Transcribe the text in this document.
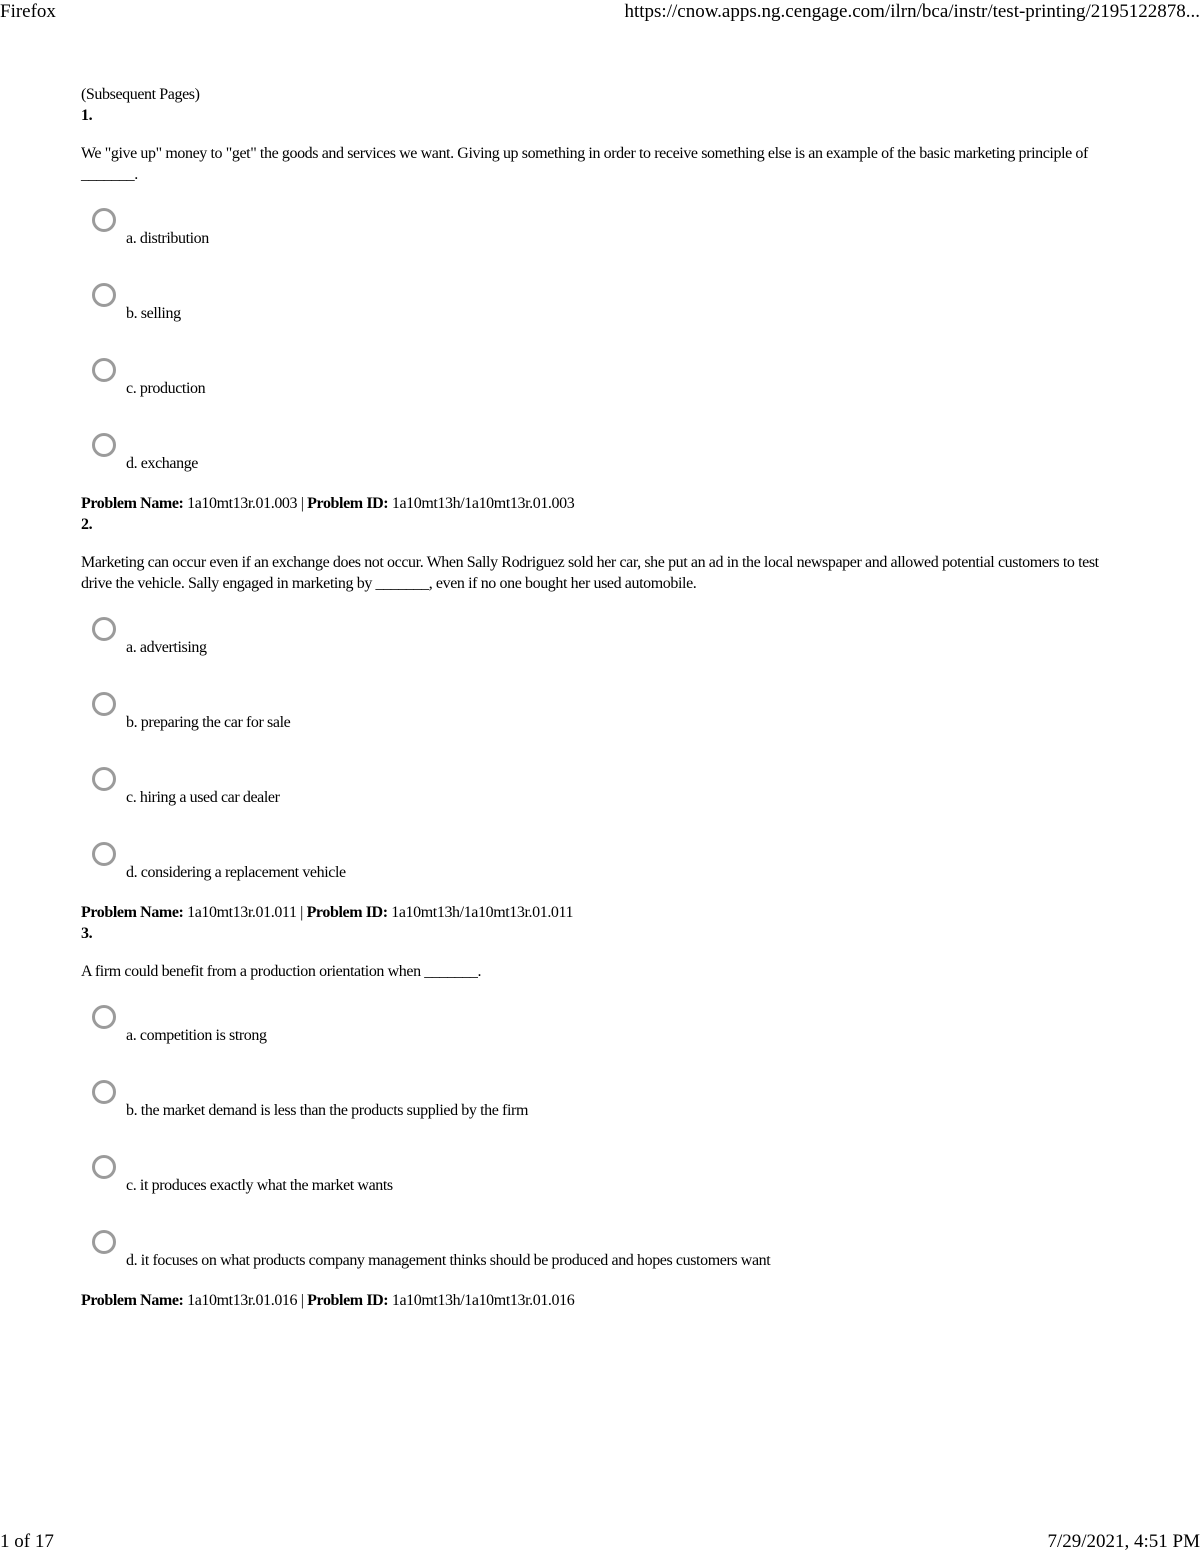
Firefox	https://cnow.apps.ng.cengage.com/ilrn/bca/instr/test-printing/2195122878...
(Subsequent Pages)
1.

We "give up" money to "get" the goods and services we want. Giving up something in order to receive something else is an example of the basic marketing principle of _______.

a. distribution
b. selling
c. production
d. exchange
Problem Name: 1a10mt13r.01.003 | Problem ID: 1a10mt13h/1a10mt13r.01.003
2.

Marketing can occur even if an exchange does not occur. When Sally Rodriguez sold her car, she put an ad in the local newspaper and allowed potential customers to test drive the vehicle. Sally engaged in marketing by _______, even if no one bought her used automobile.

a. advertising
b. preparing the car for sale
c. hiring a used car dealer
d. considering a replacement vehicle
Problem Name: 1a10mt13r.01.011 | Problem ID: 1a10mt13h/1a10mt13r.01.011
3.

A firm could benefit from a production orientation when _______.

a. competition is strong
b. the market demand is less than the products supplied by the firm
c. it produces exactly what the market wants
d. it focuses on what products company management thinks should be produced and hopes customers want
Problem Name: 1a10mt13r.01.016 | Problem ID: 1a10mt13h/1a10mt13r.01.016
1 of 17	7/29/2021, 4:51 PM
